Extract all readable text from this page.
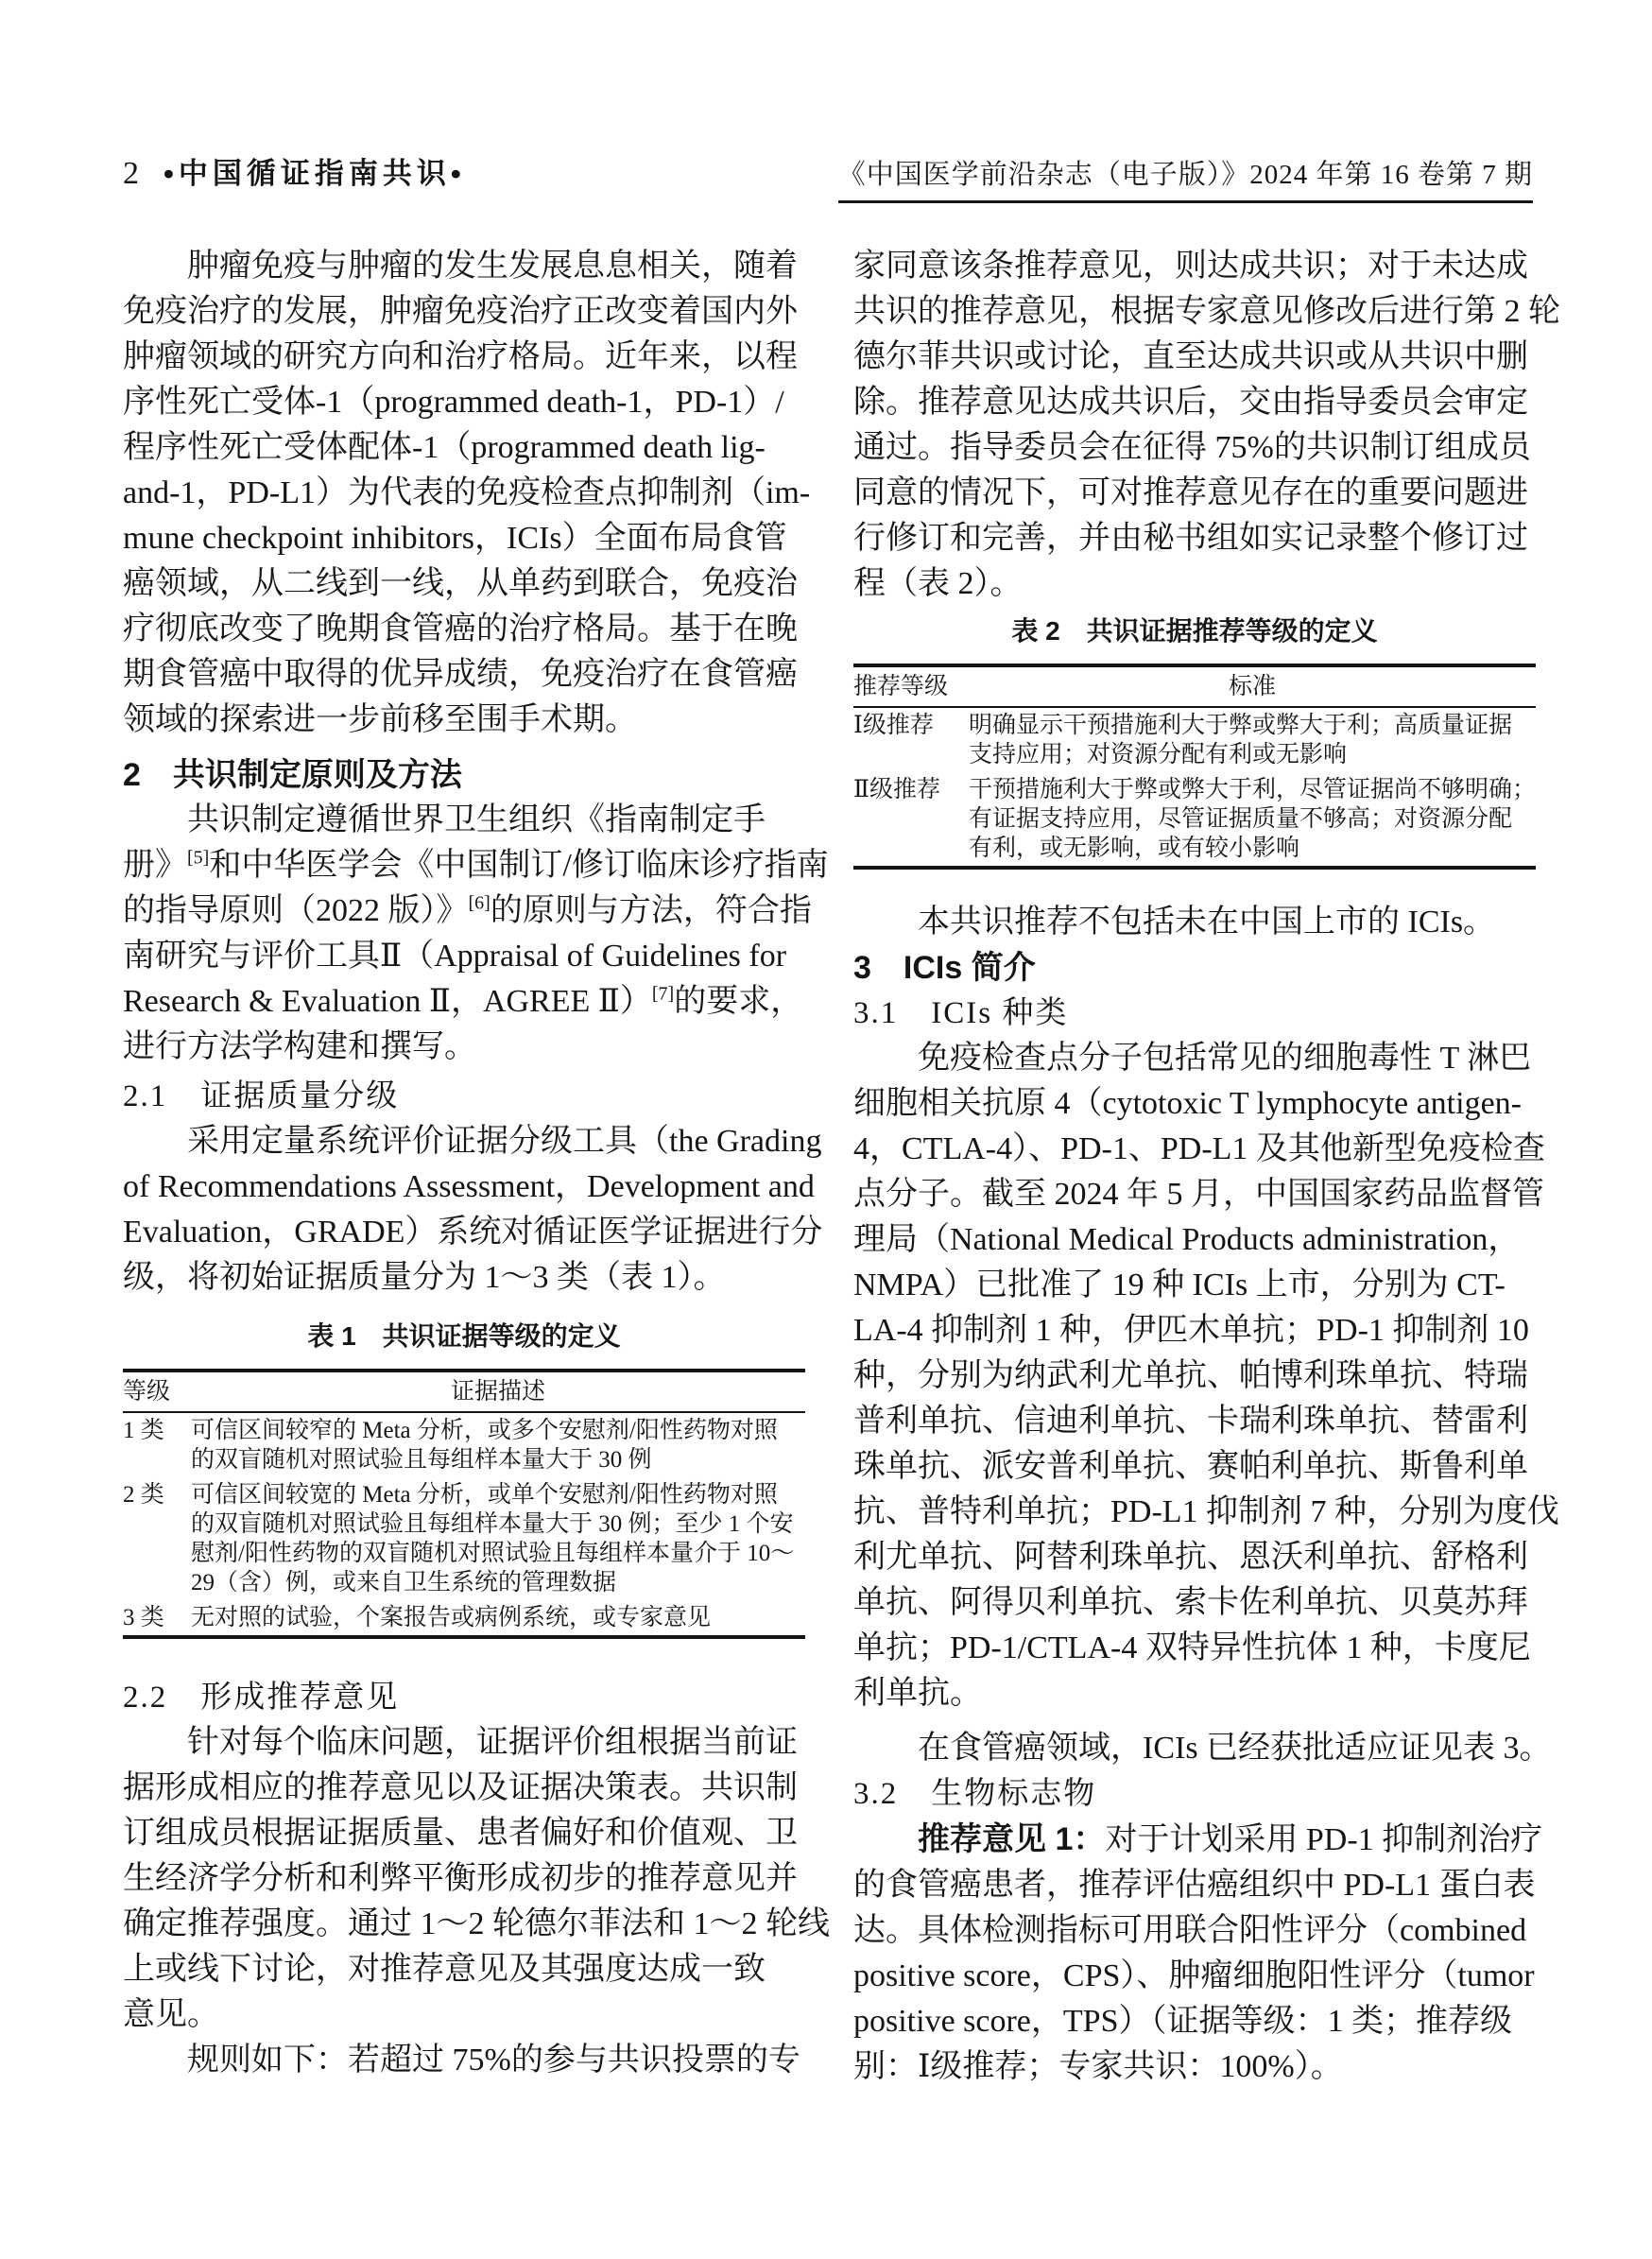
2 •中国循证指南共识•	《中国医学前沿杂志（电子版）》2024 年第 16 卷第 7 期
肿瘤免疫与肿瘤的发生发展息息相关，随着
免疫治疗的发展，肿瘤免疫治疗正改变着国内外
肿瘤领域的研究方向和治疗格局。近年来，以程
序性死亡受体-1（programmed death-1，PD-1）/
程序性死亡受体配体-1（programmed death lig-
and-1，PD-L1）为代表的免疫检查点抑制剂（im-
mune checkpoint inhibitors，ICIs）全面布局食管
癌领域，从二线到一线，从单药到联合，免疫治
疗彻底改变了晚期食管癌的治疗格局。基于在晚
期食管癌中取得的优异成绩，免疫治疗在食管癌
领域的探索进一步前移至围手术期。
2　共识制定原则及方法
共识制定遵循世界卫生组织《指南制定手
册》[5]和中华医学会《中国制订/修订临床诊疗指南
的指导原则（2022 版）》[6]的原则与方法，符合指
南研究与评价工具Ⅱ（Appraisal of Guidelines for
Research & Evaluation Ⅱ，AGREE Ⅱ）[7]的要求，
进行方法学构建和撰写。
2.1　证据质量分级
采用定量系统评价证据分级工具（the Grading
of Recommendations Assessment，Development and
Evaluation，GRADE）系统对循证医学证据进行分
级，将初始证据质量分为 1～3 类（表 1）。
表 1　共识证据等级的定义
等级	证据描述
1 类	可信区间较窄的 Meta 分析，或多个安慰剂/阳性药物对照
的双盲随机对照试验且每组样本量大于 30 例
2 类	可信区间较宽的 Meta 分析，或单个安慰剂/阳性药物对照
的双盲随机对照试验且每组样本量大于 30 例；至少 1 个安
慰剂/阳性药物的双盲随机对照试验且每组样本量介于 10～
29（含）例，或来自卫生系统的管理数据
3 类	无对照的试验，个案报告或病例系统，或专家意见
2.2　形成推荐意见
针对每个临床问题，证据评价组根据当前证
据形成相应的推荐意见以及证据决策表。共识制
订组成员根据证据质量、患者偏好和价值观、卫
生经济学分析和利弊平衡形成初步的推荐意见并
确定推荐强度。通过 1～2 轮德尔菲法和 1～2 轮线
上或线下讨论，对推荐意见及其强度达成一致
意见。
规则如下：若超过 75%的参与共识投票的专
家同意该条推荐意见，则达成共识；对于未达成
共识的推荐意见，根据专家意见修改后进行第 2 轮
德尔菲共识或讨论，直至达成共识或从共识中删
除。推荐意见达成共识后，交由指导委员会审定
通过。指导委员会在征得 75%的共识制订组成员
同意的情况下，可对推荐意见存在的重要问题进
行修订和完善，并由秘书组如实记录整个修订过
程（表 2）。
表 2　共识证据推荐等级的定义
推荐等级	标准
Ⅰ级推荐	明确显示干预措施利大于弊或弊大于利；高质量证据
支持应用；对资源分配有利或无影响
Ⅱ级推荐	干预措施利大于弊或弊大于利，尽管证据尚不够明确；
有证据支持应用，尽管证据质量不够高；对资源分配
有利，或无影响，或有较小影响
本共识推荐不包括未在中国上市的 ICIs。
3　ICIs 简介
3.1　ICIs 种类
免疫检查点分子包括常见的细胞毒性 T 淋巴
细胞相关抗原 4（cytotoxic T lymphocyte antigen-
4，CTLA-4）、PD-1、PD-L1 及其他新型免疫检查
点分子。截至 2024 年 5 月，中国国家药品监督管
理局（National Medical Products administration，
NMPA）已批准了 19 种 ICIs 上市，分别为 CT-
LA-4 抑制剂 1 种，伊匹木单抗；PD-1 抑制剂 10
种，分别为纳武利尤单抗、帕博利珠单抗、特瑞
普利单抗、信迪利单抗、卡瑞利珠单抗、替雷利
珠单抗、派安普利单抗、赛帕利单抗、斯鲁利单
抗、普特利单抗；PD-L1 抑制剂 7 种，分别为度伐
利尤单抗、阿替利珠单抗、恩沃利单抗、舒格利
单抗、阿得贝利单抗、索卡佐利单抗、贝莫苏拜
单抗；PD-1/CTLA-4 双特异性抗体 1 种，卡度尼
利单抗。
在食管癌领域，ICIs 已经获批适应证见表 3。
3.2　生物标志物
推荐意见 1：对于计划采用 PD-1 抑制剂治疗
的食管癌患者，推荐评估癌组织中 PD-L1 蛋白表
达。具体检测指标可用联合阳性评分（combined
positive score，CPS）、肿瘤细胞阳性评分（tumor
positive score，TPS）（证据等级：1 类；推荐级
别：Ⅰ级推荐；专家共识：100%）。
